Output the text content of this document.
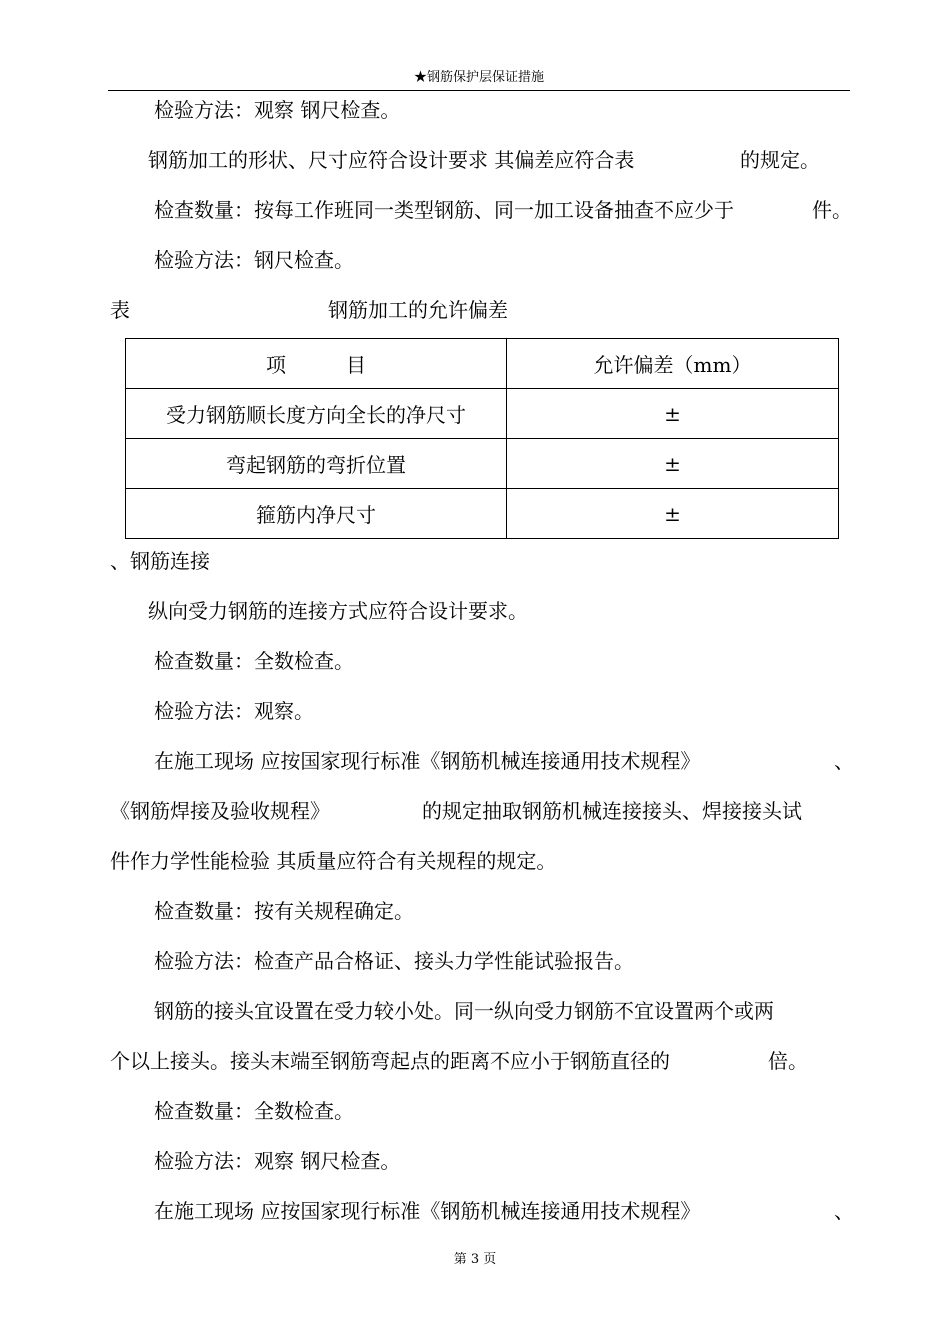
★钢筋保护层保证措施
检验方法：观察 钢尺检查。
钢筋加工的形状、尺寸应符合设计要求 其偏差应符合表	的规定。
检查数量：按每工作班同一类型钢筋、同一加工设备抽查不应少于	件。
检验方法：钢尺检查。
表	钢筋加工的允许偏差
项　　　目	允许偏差（mm）
受力钢筋顺长度方向全长的净尺寸	±
弯起钢筋的弯折位置	±
箍筋内净尺寸	±
、钢筋连接
纵向受力钢筋的连接方式应符合设计要求。
检查数量：全数检查。
检验方法：观察。
在施工现场 应按国家现行标准《钢筋机械连接通用技术规程》	、
《钢筋焊接及验收规程》	的规定抽取钢筋机械连接接头、焊接接头试
件作力学性能检验 其质量应符合有关规程的规定。
检查数量：按有关规程确定。
检验方法：检查产品合格证、接头力学性能试验报告。
钢筋的接头宜设置在受力较小处。同一纵向受力钢筋不宜设置两个或两
个以上接头。接头末端至钢筋弯起点的距离不应小于钢筋直径的	倍。
检查数量：全数检查。
检验方法：观察 钢尺检查。
在施工现场 应按国家现行标准《钢筋机械连接通用技术规程》	、
第 3 页
